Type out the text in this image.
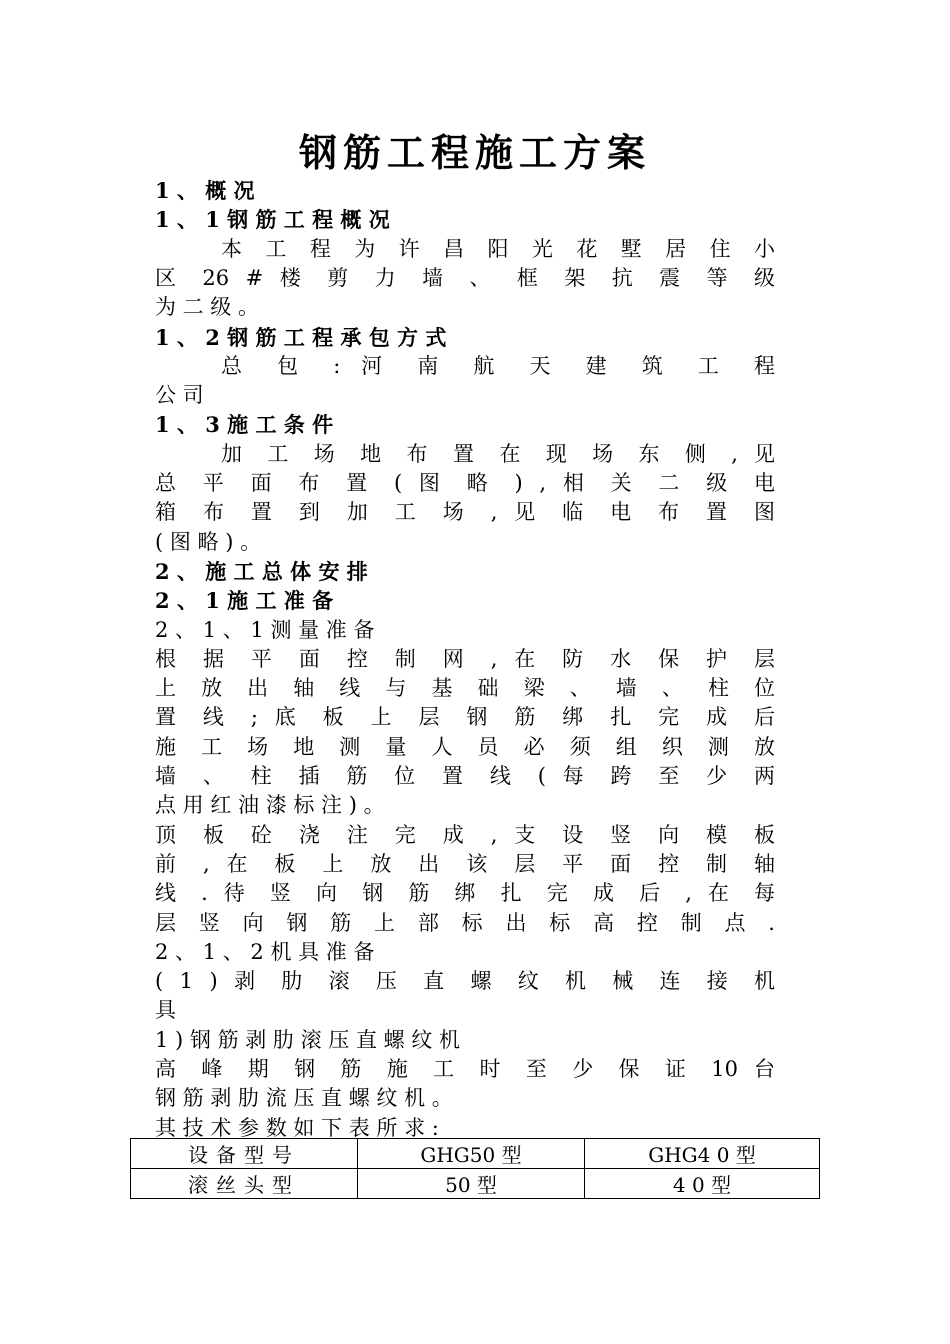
钢筋工程施工方案
1 、 概 况
1 、 1 钢 筋 工 程 概 况
本 工 程 为 许 昌 阳 光 花 墅 居 住 小
区 26 # 楼 剪 力 墙 、 框 架 抗 震 等 级
为 二 级 。
1 、 2 钢 筋 工 程 承 包 方 式
总 包 : 河 南 航 天 建 筑 工 程
公 司
1 、 3 施 工 条 件
加 工 场 地 布 置 在 现 场 东 侧 , 见
总 平 面 布 置 ( 图 略 ) , 相 关 二 级 电
箱 布 置 到 加 工 场 , 见 临 电 布 置 图
( 图 略 ) 。
2 、 施 工 总 体 安 排
2 、 1 施 工 准 备
2 、 1 、 1 测 量 准 备
根 据 平 面 控 制 网 , 在 防 水 保 护 层
上 放 出 轴 线 与 基 础 梁 、 墙 、 柱 位
置 线 ; 底 板 上 层 钢 筋 绑 扎 完 成 后
施 工 场 地 测 量 人 员 必 须 组 织 测 放
墙 、 柱 插 筋 位 置 线 ( 每 跨 至 少 两
点 用 红 油 漆 标 注 ) 。
顶 板 砼 浇 注 完 成 , 支 设 竖 向 模 板
前 , 在 板 上 放 出 该 层 平 面 控 制 轴
线 . 待 竖 向 钢 筋 绑 扎 完 成 后 , 在 每
层 竖 向 钢 筋 上 部 标 出 标 高 控 制 点 .
2 、 1 、 2 机 具 准 备
( 1 ) 剥 肋 滚 压 直 螺 纹 机 械 连 接 机
具
1 ) 钢 筋 剥 肋 滚 压 直 螺 纹 机
高 峰 期 钢 筋 施 工 时 至 少 保 证 10 台
钢 筋 剥 肋 流 压 直 螺 纹 机 。
其 技 术 参 数 如 下 表 所 求 :
设备型号	GHG50 型	GHG4 0 型
滚丝头型	50 型	4 0 型
